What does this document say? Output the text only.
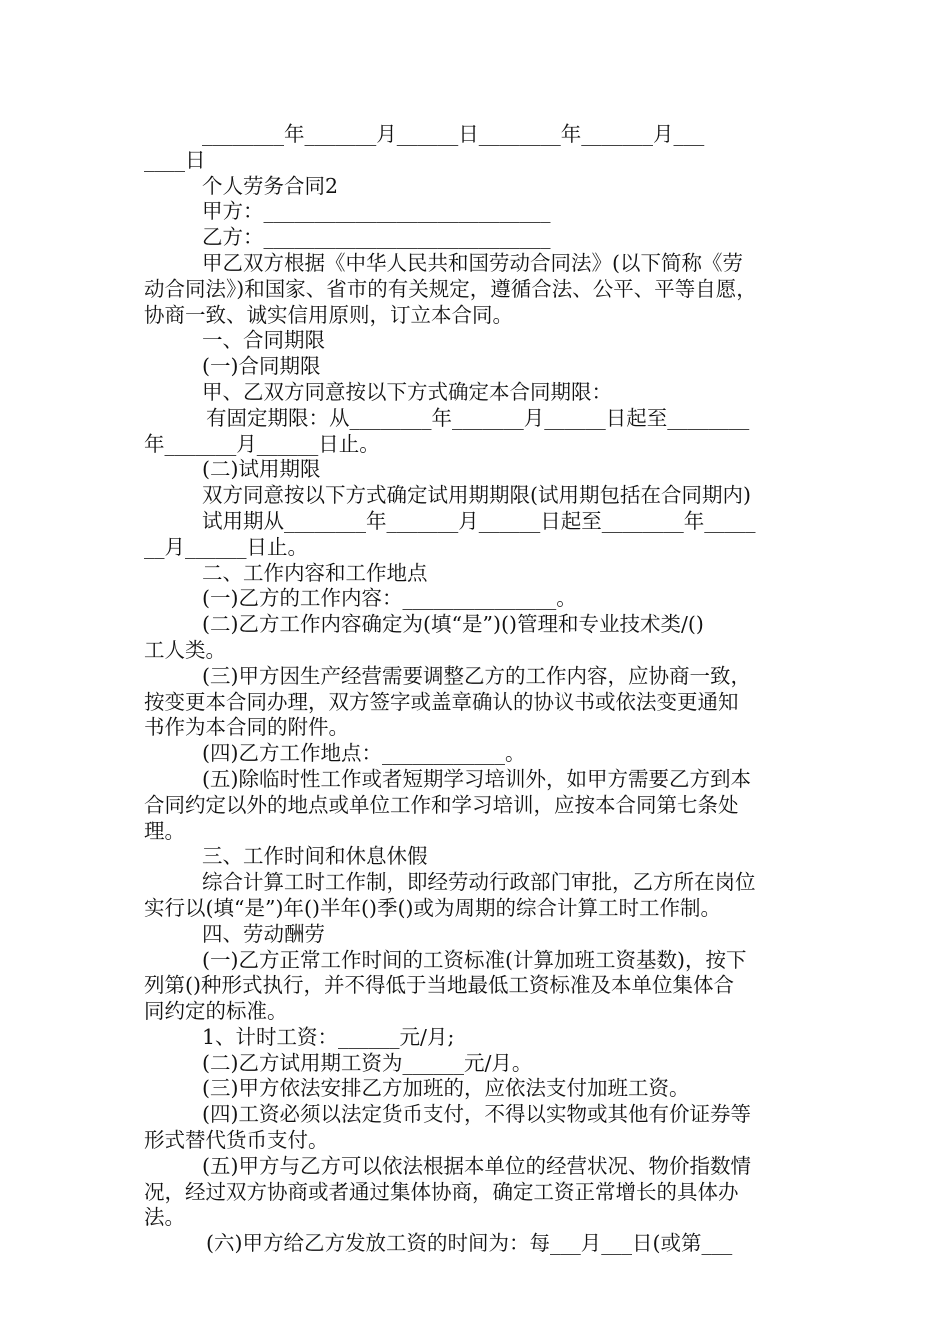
________年_______月______日________年_______月___
____日
个人劳务合同2
甲方：____________________________
乙方：____________________________
甲乙双方根据《中华人民共和国劳动合同法》(以下简称《劳
动合同法》)和国家、省市的有关规定，遵循合法、公平、平等自愿，
协商一致、诚实信用原则，订立本合同。
一、合同期限
(一)合同期限
甲、乙双方同意按以下方式确定本合同期限：
有固定期限：从________年_______月______日起至________
年_______月______日止。
(二)试用期限
双方同意按以下方式确定试用期期限(试用期包括在合同期内)
试用期从________年_______月______日起至________年_____
__月______日止。
二、工作内容和工作地点
(一)乙方的工作内容：_______________。
(二)乙方工作内容确定为(填“是”)()管理和专业技术类/()
工人类。
(三)甲方因生产经营需要调整乙方的工作内容，应协商一致，
按变更本合同办理，双方签字或盖章确认的协议书或依法变更通知
书作为本合同的附件。
(四)乙方工作地点：____________。
(五)除临时性工作或者短期学习培训外，如甲方需要乙方到本
合同约定以外的地点或单位工作和学习培训，应按本合同第七条处
理。
三、工作时间和休息休假
综合计算工时工作制，即经劳动行政部门审批，乙方所在岗位
实行以(填“是”)年()半年()季()或为周期的综合计算工时工作制。
四、劳动酬劳
(一)乙方正常工作时间的工资标准(计算加班工资基数)，按下
列第()种形式执行，并不得低于当地最低工资标准及本单位集体合
同约定的标准。
1、计时工资：______元/月;
(二)乙方试用期工资为______元/月。
(三)甲方依法安排乙方加班的，应依法支付加班工资。
(四)工资必须以法定货币支付，不得以实物或其他有价证券等
形式替代货币支付。
(五)甲方与乙方可以依法根据本单位的经营状况、物价指数情
况，经过双方协商或者通过集体协商，确定工资正常增长的具体办
法。
(六)甲方给乙方发放工资的时间为：每___月___日(或第___
